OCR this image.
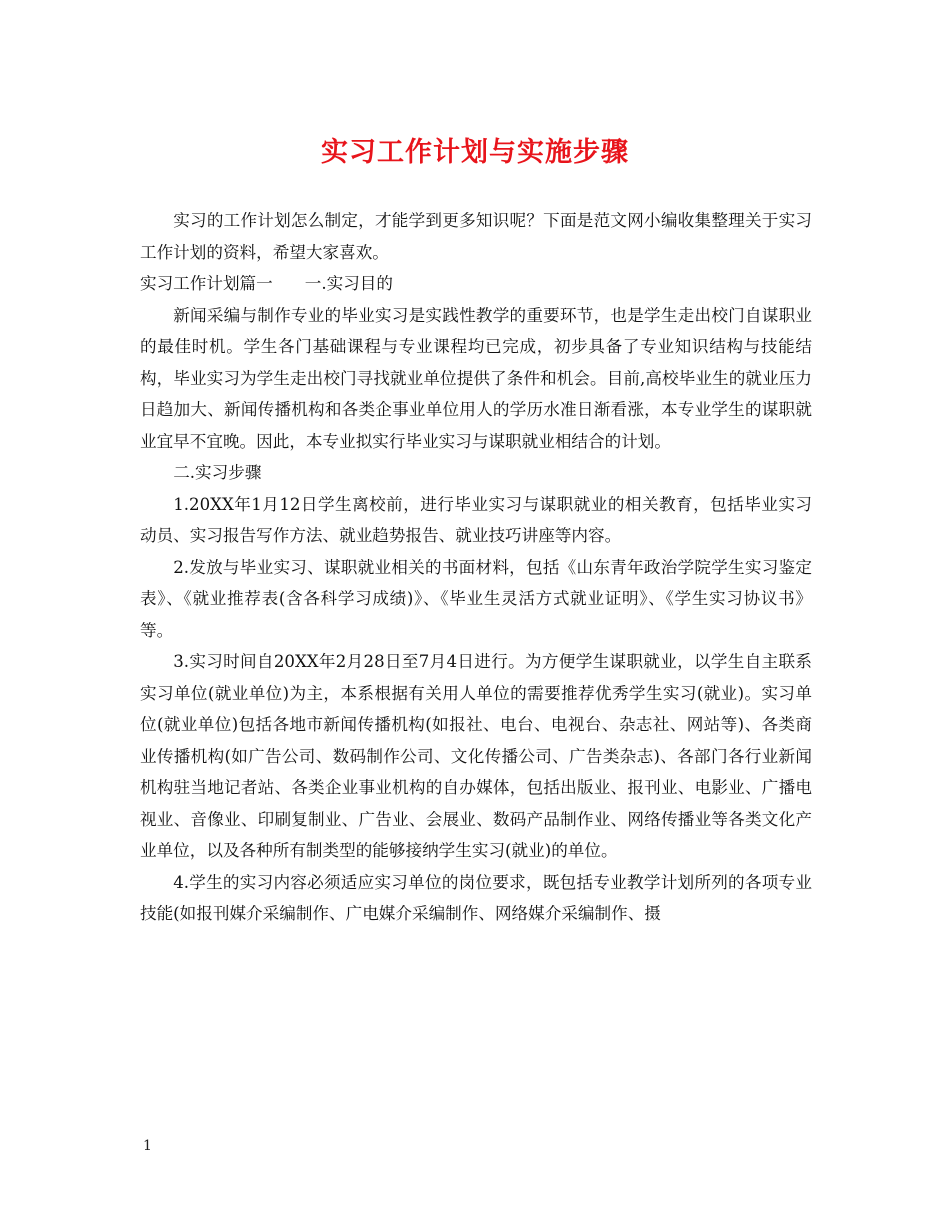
实习工作计划与实施步骤

实习的工作计划怎么制定，才能学到更多知识呢？下面是范文网小编收集整理关于实习工作计划的资料，希望大家喜欢。

实习工作计划篇一 一.实习目的

新闻采编与制作专业的毕业实习是实践性教学的重要环节，也是学生走出校门自谋职业的最佳时机。学生各门基础课程与专业课程均已完成，初步具备了专业知识结构与技能结构，毕业实习为学生走出校门寻找就业单位提供了条件和机会。目前,高校毕业生的就业压力日趋加大、新闻传播机构和各类企事业单位用人的学历水准日渐看涨，本专业学生的谋职就业宜早不宜晚。因此，本专业拟实行毕业实习与谋职就业相结合的计划。

二.实习步骤

1.20XX年1月12日学生离校前，进行毕业实习与谋职就业的相关教育，包括毕业实习动员、实习报告写作方法、就业趋势报告、就业技巧讲座等内容。

2.发放与毕业实习、谋职就业相关的书面材料，包括《山东青年政治学院学生实习鉴定表》、《就业推荐表(含各科学习成绩)》、《毕业生灵活方式就业证明》、《学生实习协议书》等。

3.实习时间自20XX年2月28日至7月4日进行。为方便学生谋职就业，以学生自主联系实习单位(就业单位)为主，本系根据有关用人单位的需要推荐优秀学生实习(就业)。实习单位(就业单位)包括各地市新闻传播机构(如报社、电台、电视台、杂志社、网站等)、各类商业传播机构(如广告公司、数码制作公司、文化传播公司、广告类杂志)、各部门各行业新闻机构驻当地记者站、各类企业事业机构的自办媒体，包括出版业、报刊业、电影业、广播电视业、音像业、印刷复制业、广告业、会展业、数码产品制作业、网络传播业等各类文化产业单位，以及各种所有制类型的能够接纳学生实习(就业)的单位。

4.学生的实习内容必须适应实习单位的岗位要求，既包括专业教学计划所列的各项专业技能(如报刊媒介采编制作、广电媒介采编制作、网络媒介采编制作、摄

1
